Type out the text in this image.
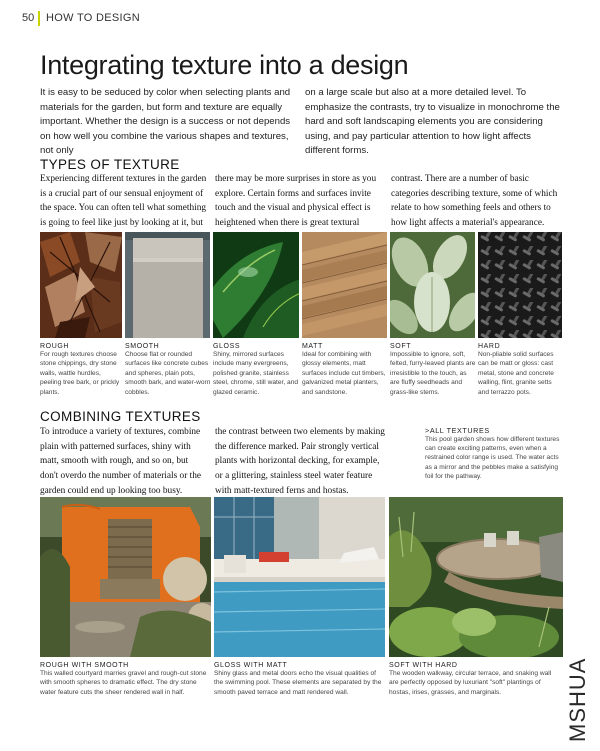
50 HOW TO DESIGN
Integrating texture into a design
It is easy to be seduced by color when selecting plants and materials for the garden, but form and texture are equally important. Whether the design is a success or not depends on how well you combine the various shapes and textures, not only
on a large scale but also at a more detailed level. To emphasize the contrasts, try to visualize in monochrome the hard and soft landscaping elements you are considering using, and pay particular attention to how light affects different forms.
TYPES OF TEXTURE
Experiencing different textures in the garden is a crucial part of our sensual enjoyment of the space. You can often tell what something is going to feel like just by looking at it, but
there may be more surprises in store as you explore. Certain forms and surfaces invite touch and the visual and physical effect is heightened when there is great textural
contrast. There are a number of basic categories describing texture, some of which relate to how something feels and others to how light affects a material's appearance.
ROUGH
For rough textures choose stone chippings, dry stone walls, wattle hurdles, peeling tree bark, or prickly plants.
SMOOTH
Choose flat or rounded surfaces like concrete cubes and spheres, plain pots, smooth bark, and water-worn cobbles.
GLOSS
Shiny, mirrored surfaces include many evergreens, polished granite, stainless steel, chrome, still water, and glazed ceramic.
MATT
Ideal for combining with glossy elements, matt surfaces include cut timbers, galvanized metal planters, and sandstone.
SOFT
Impossible to ignore, soft, felted, furry-leaved plants are irresistible to the touch, as are fluffy seedheads and grass-like stems.
HARD
Non-pliable solid surfaces can be matt or gloss: cast metal, stone and concrete walling, flint, granite setts and terrazzo pots.
COMBINING TEXTURES
To introduce a variety of textures, combine plain with patterned surfaces, shiny with matt, smooth with rough, and so on, but don't overdo the number of materials or the garden could end up looking too busy.
the contrast between two elements by making the difference marked. Pair strongly vertical plants with horizontal decking, for example, or a glittering, stainless steel water feature with matt-textured ferns and hostas.
>ALL TEXTURES
This pool garden shows how different textures can create exciting patterns, even when a restrained color range is used. The water acts as a mirror and the pebbles make a satisfying foil for the pathway.
ROUGH WITH SMOOTH
This walled courtyard marries gravel and rough-cut stone with smooth spheres to dramatic effect. The dry stone water feature cuts the sheer rendered wall in half.
GLOSS WITH MATT
Shiny glass and metal doors echo the visual qualities of the swimming pool. These elements are separated by the smooth paved terrace and matt rendered wall.
SOFT WITH HARD
The wooden walkway, circular terrace, and snaking wall are perfectly opposed by luxuriant "soft" plantings of hostas, irises, grasses, and marginals.	MSHUA
